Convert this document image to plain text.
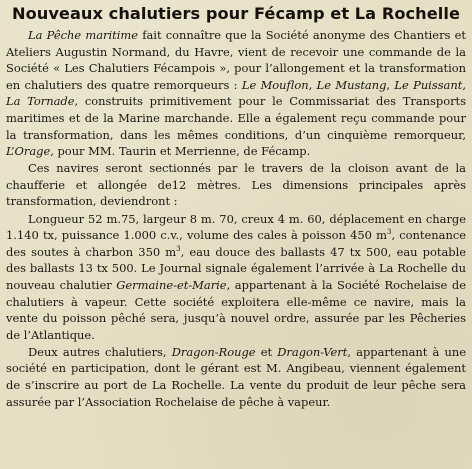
Nouveaux chalutiers pour Fécamp et La Rochelle

La Pêche maritime fait connaître que la Société anonyme des Chantiers et Ateliers Augustin Normand, du Havre, vient de recevoir une commande de la Société « Les Chalutiers Fécampois », pour l’allongement et la transformation en chalutiers des quatre remorqueurs : Le Mouflon, Le Mustang, Le Puissant, La Tornade, construits primitivement pour le Commissariat des Transports maritimes et de la Marine marchande. Elle a également reçu commande pour la transformation, dans les mêmes conditions, d’un cinquième remorqueur, L’Orage, pour MM. Taurin et Merrienne, de Fécamp.

Ces navires seront sectionnés par le travers de la cloison avant de la chaufferie et allongée de12 mètres. Les dimensions principales après transformation, deviendront :

Longueur 52 m.75, largeur 8 m. 70, creux 4 m. 60, déplacement en charge 1.140 tx, puissance 1.000 c.v., volume des cales à poisson 450 $m^3$, contenance des soutes à charbon 350 $m^3$, eau douce des ballasts 47 tx 500, eau potable des ballasts 13 tx 500. Le Journal signale également l’arrivée à La Rochelle du nouveau chalutier Germaine-et-Marie, appartenant à la Société Rochelaise de chalutiers à vapeur. Cette société exploitera elle-même ce navire, mais la vente du poisson pêché sera, jusqu’à nouvel ordre, assurée par les Pêcheries de l’Atlantique.

Deux autres chalutiers, Dragon-Rouge et Dragon-Vert, appartenant à une société en participation, dont le gérant est M. Angibeau, viennent également de s’inscrire au port de La Rochelle. La vente du produit de leur pêche sera assurée par l’Association Rochelaise de pêche à vapeur.
